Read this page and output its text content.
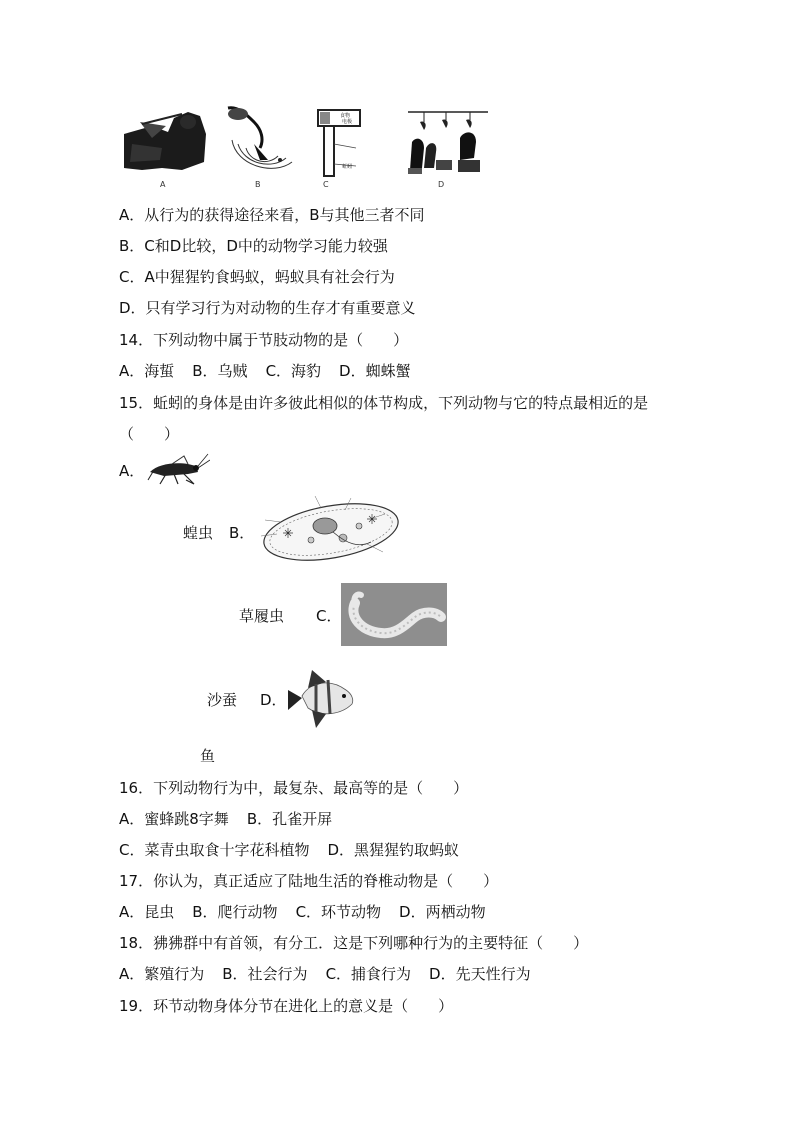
A	B
食物
电极
蚯蚓
C	D
A．从行为的获得途径来看，B与其他三者不同
B．C和D比较，D中的动物学习能力较强
C．A中猩猩钓食蚂蚁，蚂蚁具有社会行为
D．只有学习行为对动物的生存才有重要意义
14．下列动物中属于节肢动物的是（　　）
A．海蜇 B．乌贼 C．海豹 D．蜘蛛蟹
15．蚯蚓的身体是由许多彼此相似的体节构成，下列动物与它的特点最相近的是
（　　）
A．
蝗虫 B．
草履虫 C．
沙蚕 D．
鱼
16．下列动物行为中，最复杂、最高等的是（　　）
A．蜜蜂跳8字舞 B．孔雀开屏
C．菜青虫取食十字花科植物 D．黑猩猩钓取蚂蚁
17．你认为，真正适应了陆地生活的脊椎动物是（　　）
A．昆虫 B．爬行动物 C．环节动物 D．两栖动物
18．狒狒群中有首领，有分工．这是下列哪种行为的主要特征（　　）
A．繁殖行为 B．社会行为 C．捕食行为 D．先天性行为
19．环节动物身体分节在进化上的意义是（　　）
